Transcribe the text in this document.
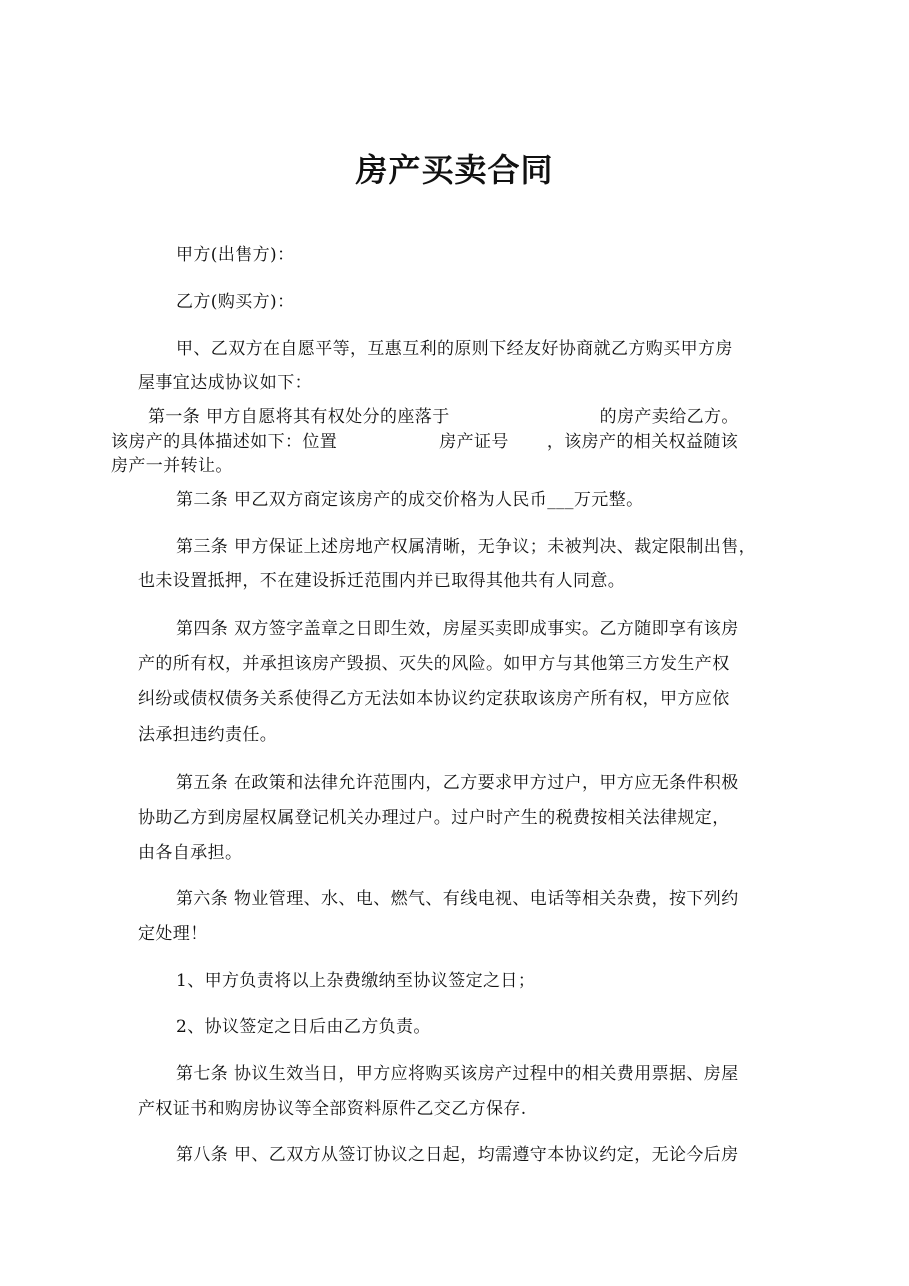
房产买卖合同
甲方(出售方)：
乙方(购买方)：
甲、乙双方在自愿平等，互惠互利的原则下经友好协商就乙方购买甲方房
屋事宜达成协议如下：
第一条 甲方自愿将其有权处分的座落于	的房产卖给乙方。
该房产的具体描述如下：位置	房产证号 ，该房产的相关权益随该
房产一并转让。
第二条 甲乙双方商定该房产的成交价格为人民币___万元整。
第三条 甲方保证上述房地产权属清晰，无争议；未被判决、裁定限制出售，
也未设置抵押，不在建设拆迁范围内并已取得其他共有人同意。
第四条 双方签字盖章之日即生效，房屋买卖即成事实。乙方随即享有该房
产的所有权，并承担该房产毁损、灭失的风险。如甲方与其他第三方发生产权
纠纷或债权债务关系使得乙方无法如本协议约定获取该房产所有权，甲方应依
法承担违约责任。
第五条 在政策和法律允许范围内，乙方要求甲方过户，甲方应无条件积极
协助乙方到房屋权属登记机关办理过户。过户时产生的税费按相关法律规定，
由各自承担。
第六条 物业管理、水、电、燃气、有线电视、电话等相关杂费，按下列约
定处理！
1、甲方负责将以上杂费缴纳至协议签定之日；
2、协议签定之日后由乙方负责。
第七条 协议生效当日，甲方应将购买该房产过程中的相关费用票据、房屋
产权证书和购房协议等全部资料原件乙交乙方保存.
第八条 甲、乙双方从签订协议之日起，均需遵守本协议约定，无论今后房
